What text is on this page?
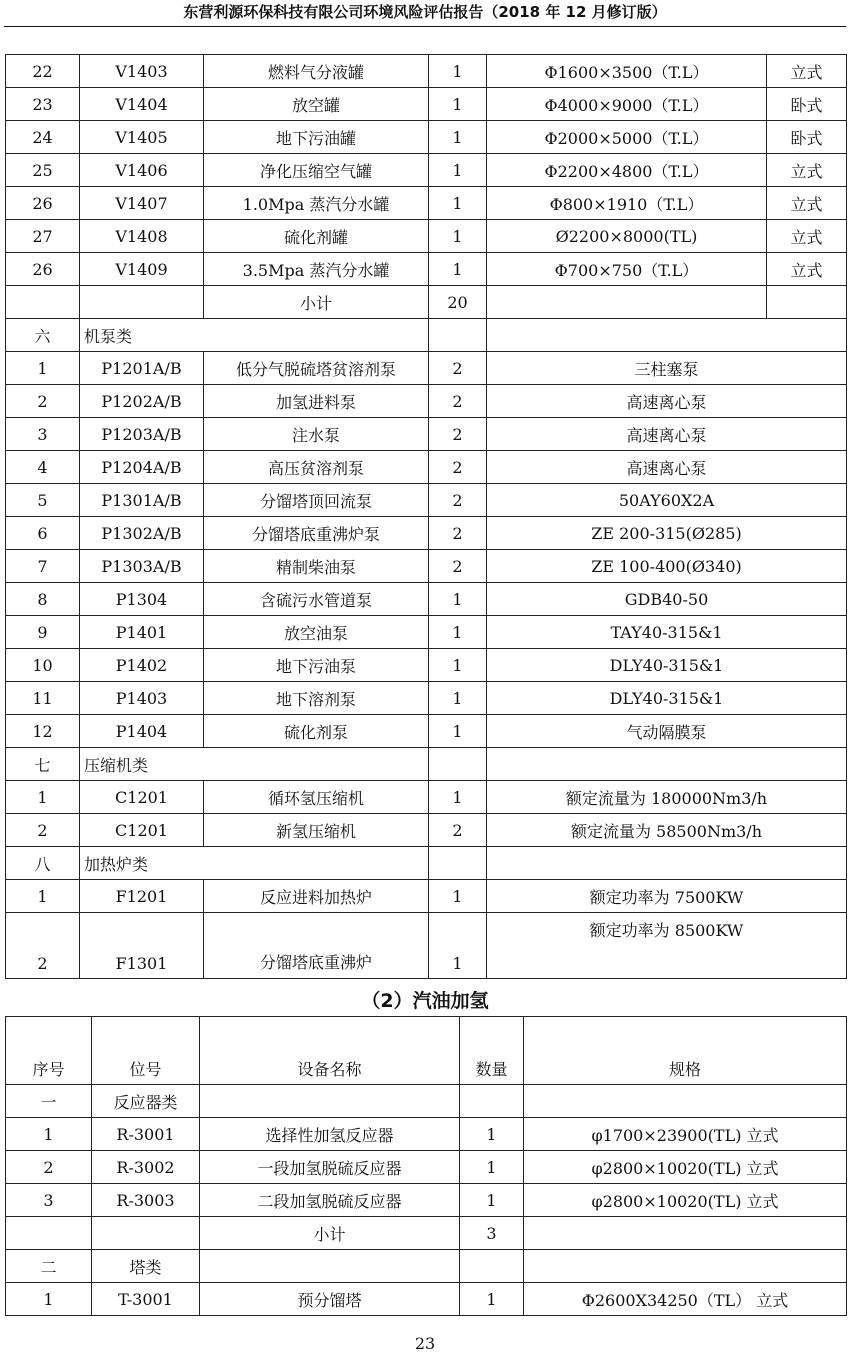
东营利源环保科技有限公司环境风险评估报告（2018 年 12 月修订版）
22	V1403	燃料气分液罐	1	Φ1600×3500（T.L）	立式
23	V1404	放空罐	1	Φ4000×9000（T.L）	卧式
24	V1405	地下污油罐	1	Φ2000×5000（T.L）	卧式
25	V1406	净化压缩空气罐	1	Φ2200×4800（T.L）	立式
26	V1407	1.0Mpa 蒸汽分水罐	1	Φ800×1910（T.L）	立式
27	V1408	硫化剂罐	1	Ø2200×8000(TL)	立式
26	V1409	3.5Mpa 蒸汽分水罐	1	Φ700×750（T.L）	立式
		小计	20		
六	机泵类				
1	P1201A/B	低分气脱硫塔贫溶剂泵	2	三柱塞泵	
2	P1202A/B	加氢进料泵	2	高速离心泵	
3	P1203A/B	注水泵	2	高速离心泵	
4	P1204A/B	高压贫溶剂泵	2	高速离心泵	
5	P1301A/B	分馏塔顶回流泵	2	50AY60X2A	
6	P1302A/B	分馏塔底重沸炉泵	2	ZE 200-315(Ø285)	
7	P1303A/B	精制柴油泵	2	ZE 100-400(Ø340)	
8	P1304	含硫污水管道泵	1	GDB40-50	
9	P1401	放空油泵	1	TAY40-315&1	
10	P1402	地下污油泵	1	DLY40-315&1	
11	P1403	地下溶剂泵	1	DLY40-315&1	
12	P1404	硫化剂泵	1	气动隔膜泵	
七	压缩机类				
1	C1201	循环氢压缩机	1	额定流量为 180000Nm3/h	
2	C1201	新氢压缩机	2	额定流量为 58500Nm3/h	
八	加热炉类				
1	F1201	反应进料加热炉	1	额定功率为 7500KW	
2	F1301	分馏塔底重沸炉	1	额定功率为 8500KW	
（2）汽油加氢
序号	位号	设备名称	数量	规格
一	反应器类			
1	R-3001	选择性加氢反应器	1	φ1700×23900(TL) 立式
2	R-3002	一段加氢脱硫反应器	1	φ2800×10020(TL) 立式
3	R-3003	二段加氢脱硫反应器	1	φ2800×10020(TL) 立式
		小计	3	
二	塔类			
1	T-3001	预分馏塔	1	Φ2600X34250（TL） 立式
23
